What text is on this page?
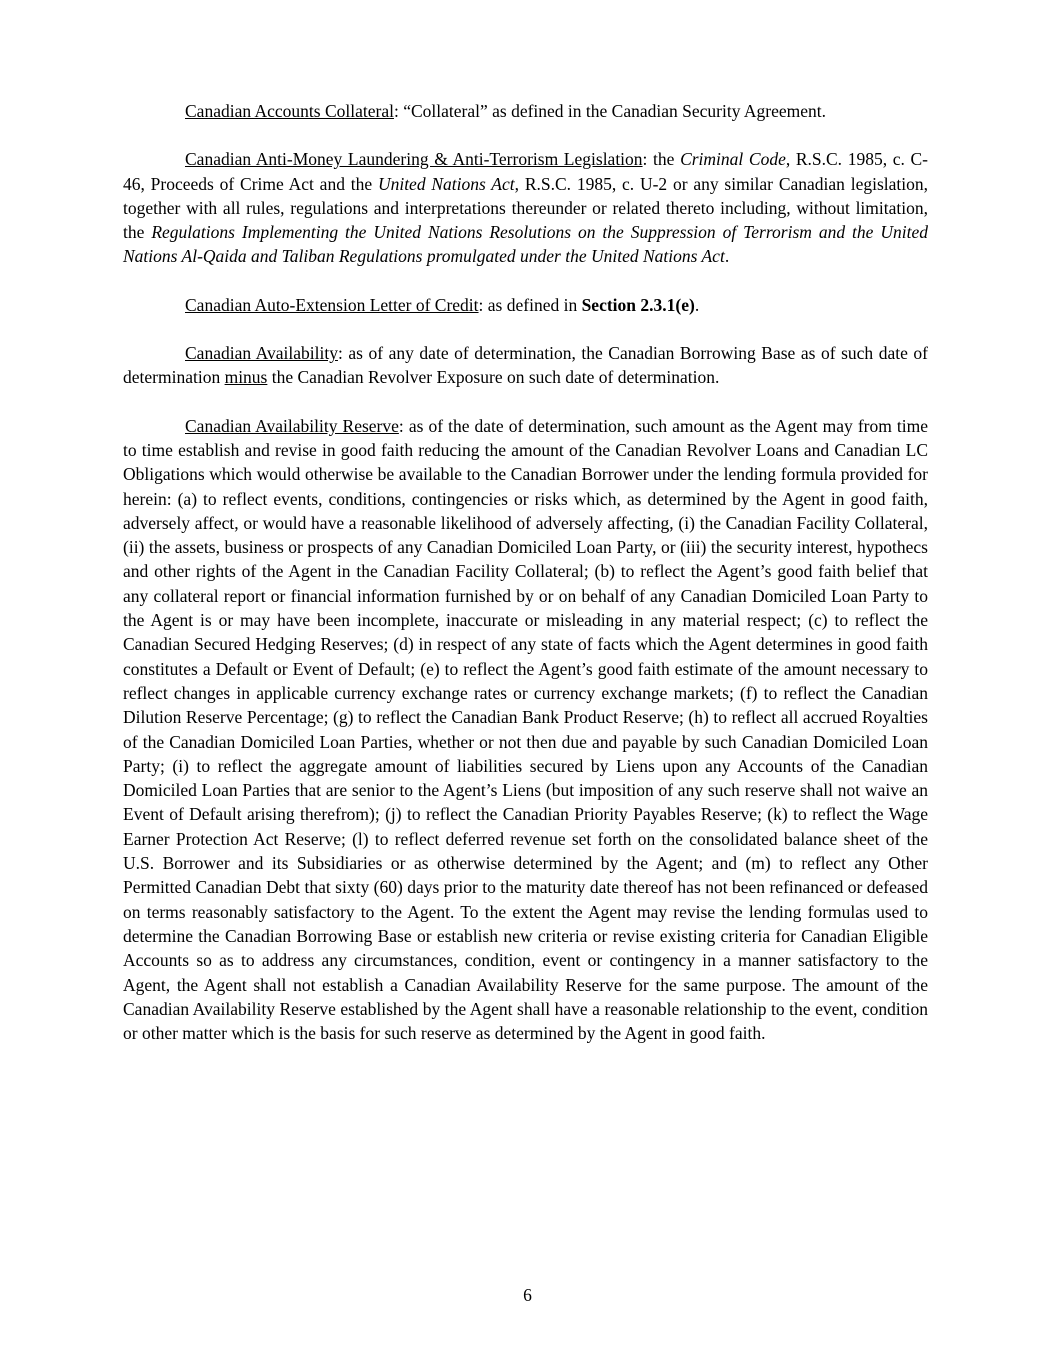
Canadian Accounts Collateral: “Collateral” as defined in the Canadian Security Agreement.

Canadian Anti-Money Laundering & Anti-Terrorism Legislation: the Criminal Code, R.S.C. 1985, c. C-46, Proceeds of Crime Act and the United Nations Act, R.S.C. 1985, c. U-2 or any similar Canadian legislation, together with all rules, regulations and interpretations thereunder or related thereto including, without limitation, the Regulations Implementing the United Nations Resolutions on the Suppression of Terrorism and the United Nations Al-Qaida and Taliban Regulations promulgated under the United Nations Act.

Canadian Auto-Extension Letter of Credit: as defined in Section 2.3.1(e).

Canadian Availability: as of any date of determination, the Canadian Borrowing Base as of such date of determination minus the Canadian Revolver Exposure on such date of determination.

Canadian Availability Reserve: as of the date of determination, such amount as the Agent may from time to time establish and revise in good faith reducing the amount of the Canadian Revolver Loans and Canadian LC Obligations which would otherwise be available to the Canadian Borrower under the lending formula provided for herein: (a) to reflect events, conditions, contingencies or risks which, as determined by the Agent in good faith, adversely affect, or would have a reasonable likelihood of adversely affecting, (i) the Canadian Facility Collateral, (ii) the assets, business or prospects of any Canadian Domiciled Loan Party, or (iii) the security interest, hypothecs and other rights of the Agent in the Canadian Facility Collateral; (b) to reflect the Agent’s good faith belief that any collateral report or financial information furnished by or on behalf of any Canadian Domiciled Loan Party to the Agent is or may have been incomplete, inaccurate or misleading in any material respect; (c) to reflect the Canadian Secured Hedging Reserves; (d) in respect of any state of facts which the Agent determines in good faith constitutes a Default or Event of Default; (e) to reflect the Agent’s good faith estimate of the amount necessary to reflect changes in applicable currency exchange rates or currency exchange markets; (f) to reflect the Canadian Dilution Reserve Percentage; (g) to reflect the Canadian Bank Product Reserve; (h) to reflect all accrued Royalties of the Canadian Domiciled Loan Parties, whether or not then due and payable by such Canadian Domiciled Loan Party; (i) to reflect the aggregate amount of liabilities secured by Liens upon any Accounts of the Canadian Domiciled Loan Parties that are senior to the Agent’s Liens (but imposition of any such reserve shall not waive an Event of Default arising therefrom); (j) to reflect the Canadian Priority Payables Reserve; (k) to reflect the Wage Earner Protection Act Reserve; (l) to reflect deferred revenue set forth on the consolidated balance sheet of the U.S. Borrower and its Subsidiaries or as otherwise determined by the Agent; and (m) to reflect any Other Permitted Canadian Debt that sixty (60) days prior to the maturity date thereof has not been refinanced or defeased on terms reasonably satisfactory to the Agent. To the extent the Agent may revise the lending formulas used to determine the Canadian Borrowing Base or establish new criteria or revise existing criteria for Canadian Eligible Accounts so as to address any circumstances, condition, event or contingency in a manner satisfactory to the Agent, the Agent shall not establish a Canadian Availability Reserve for the same purpose. The amount of the Canadian Availability Reserve established by the Agent shall have a reasonable relationship to the event, condition or other matter which is the basis for such reserve as determined by the Agent in good faith.

6
